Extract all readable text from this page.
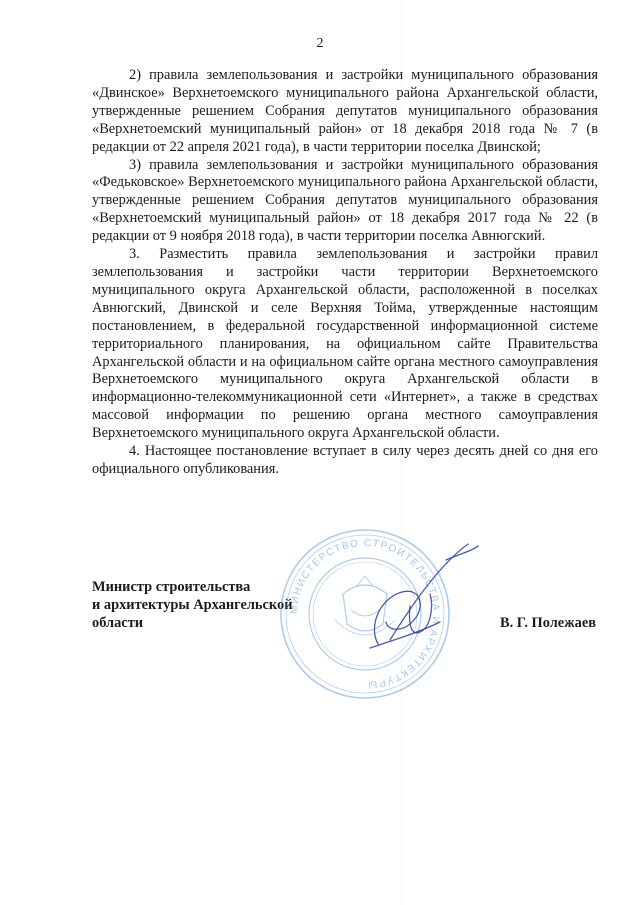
2

2) правила землепользования и застройки муниципального образования «Двинское» Верхнетоемского муниципального района Архангельской области, утвержденные решением Собрания депутатов муниципального образования «Верхнетоемский муниципальный район» от 18 декабря 2018 года № 7 (в редакции от 22 апреля 2021 года), в части территории поселка Двинской;

3) правила землепользования и застройки муниципального образования «Федьковское» Верхнетоемского муниципального района Архангельской области, утвержденные решением Собрания депутатов муниципального образования «Верхнетоемский муниципальный район» от 18 декабря 2017 года № 22 (в редакции от 9 ноября 2018 года), в части территории поселка Авнюгский.

3. Разместить правила землепользования и застройки правил землепользования и застройки части территории Верхнетоемского муниципального округа Архангельской области, расположенной в поселках Авнюгский, Двинской и селе Верхняя Тойма, утвержденные настоящим постановлением, в федеральной государственной информационной системе территориального планирования, на официальном сайте Правительства Архангельской области и на официальном сайте органа местного самоуправления Верхнетоемского муниципального округа Архангельской области в информационно-телекоммуникационной сети «Интернет», а также в средствах массовой информации по решению органа местного самоуправления Верхнетоемского муниципального округа Архангельской области.

4. Настоящее постановление вступает в силу через десять дней со дня его официального опубликования.

Министр строительства
и архитектуры Архангельской
области	В. Г. Полежаев
МИНИСТЕРСТВО СТРОИТЕЛЬСТВА И АРХИТЕКТУРЫ
